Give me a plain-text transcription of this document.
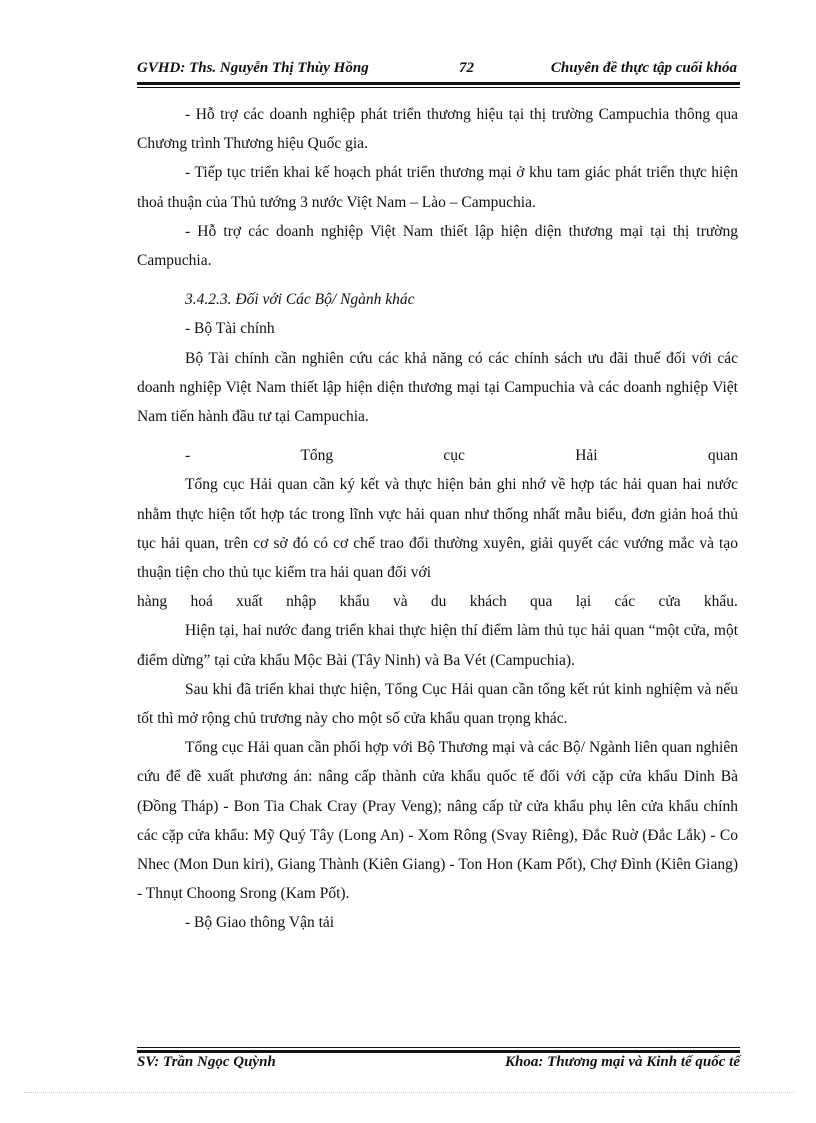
GVHD: Ths. Nguyễn Thị Thùy Hồng	72	Chuyên đề thực tập cuối khóa

- Hỗ trợ các doanh nghiệp phát triển thương hiệu tại thị trường Campuchia thông qua Chương trình Thương hiệu Quốc gia.

- Tiếp tục triển khai kế hoạch phát triển thương mại ở khu tam giác phát triển thực hiện thoả thuận của Thủ tướng 3 nước Việt Nam – Lào – Campuchia.

- Hỗ trợ các doanh nghiệp Việt Nam thiết lập hiện diện thương mại tại thị trường Campuchia.

3.4.2.3. Đối với Các Bộ/ Ngành khác

- Bộ Tài chính

Bộ Tài chính cần nghiên cứu các khả năng có các chính sách ưu đãi thuế đối với các doanh nghiệp Việt Nam thiết lập hiện diện thương mại tại Campuchia và các doanh nghiệp Việt Nam tiến hành đầu tư tại Campuchia.

-	Tổng	cục	Hải	quan

Tổng cục Hải quan cần ký kết và thực hiện bản ghi nhớ về hợp tác hải quan hai nước nhằm thực hiện tốt hợp tác trong lĩnh vực hải quan như thống nhất mẫu biểu, đơn giản hoá thủ tục hải quan, trên cơ sở đó có cơ chế trao đổi thường xuyên, giải quyết các vướng mắc và tạo thuận tiện cho thủ tục kiểm tra hải quan đối với

hàng hoá xuất nhập khẩu và du khách qua lại các cửa khẩu.

Hiện tại, hai nước đang triển khai thực hiện thí điểm làm thủ tục hải quan “một cửa, một điểm dừng” tại cửa khẩu Mộc Bài (Tây Ninh) và Ba Vét (Campuchia).

Sau khi đã triển khai thực hiện, Tổng Cục Hải quan cần tổng kết rút kinh nghiệm và nếu tốt thì mở rộng chủ trương này cho một số cửa khẩu quan trọng khác.

Tổng cục Hải quan cần phối hợp với Bộ Thương mại và các Bộ/ Ngành liên quan nghiên cứu để đề xuất phương án: nâng cấp thành cửa khẩu quốc tế đối với cặp cửa khẩu Dinh Bà (Đồng Tháp) - Bon Tia Chak Cray (Pray Veng); nâng cấp từ cửa khẩu phụ lên cửa khẩu chính các cặp cửa khẩu: Mỹ Quý Tây (Long An) - Xom Rông (Svay Riêng), Đắc Ruờ (Đắc Lắk) - Co Nhec (Mon Dun kiri), Giang Thành (Kiên Giang) - Ton Hon (Kam Pốt), Chợ Đình (Kiên Giang) - Thnụt Choong Srong (Kam Pốt).

- Bộ Giao thông Vận tải

SV: Trần Ngọc Quỳnh	Khoa: Thương mại và Kinh tế quốc tế
